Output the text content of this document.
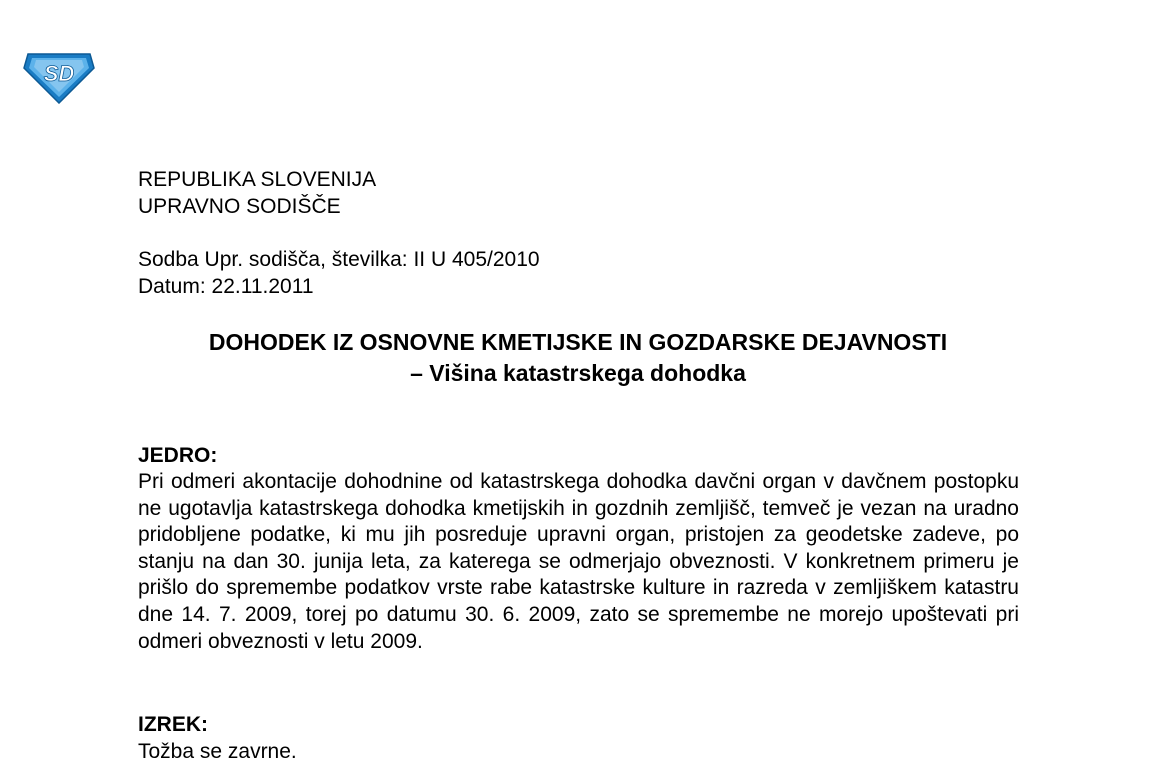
SD
REPUBLIKA SLOVENIJA
UPRAVNO SODIŠČE
Sodba Upr. sodišča, številka: II U 405/2010
Datum: 22.11.2011
DOHODEK IZ OSNOVNE KMETIJSKE IN GOZDARSKE DEJAVNOSTI
– Višina katastrskega dohodka
JEDRO:
Pri odmeri akontacije dohodnine od katastrskega dohodka davčni organ v davčnem postopku ne ugotavlja katastrskega dohodka kmetijskih in gozdnih zemljišč, temveč je vezan na uradno pridobljene podatke, ki mu jih posreduje upravni organ, pristojen za geodetske zadeve, po stanju na dan 30. junija leta, za katerega se odmerjajo obveznosti. V konkretnem primeru je prišlo do spremembe podatkov vrste rabe katastrske kulture in razreda v zemljiškem katastru dne 14. 7. 2009, torej po datumu 30. 6. 2009, zato se spremembe ne morejo upoštevati pri odmeri obveznosti v letu 2009.
IZREK:
Tožba se zavrne.
